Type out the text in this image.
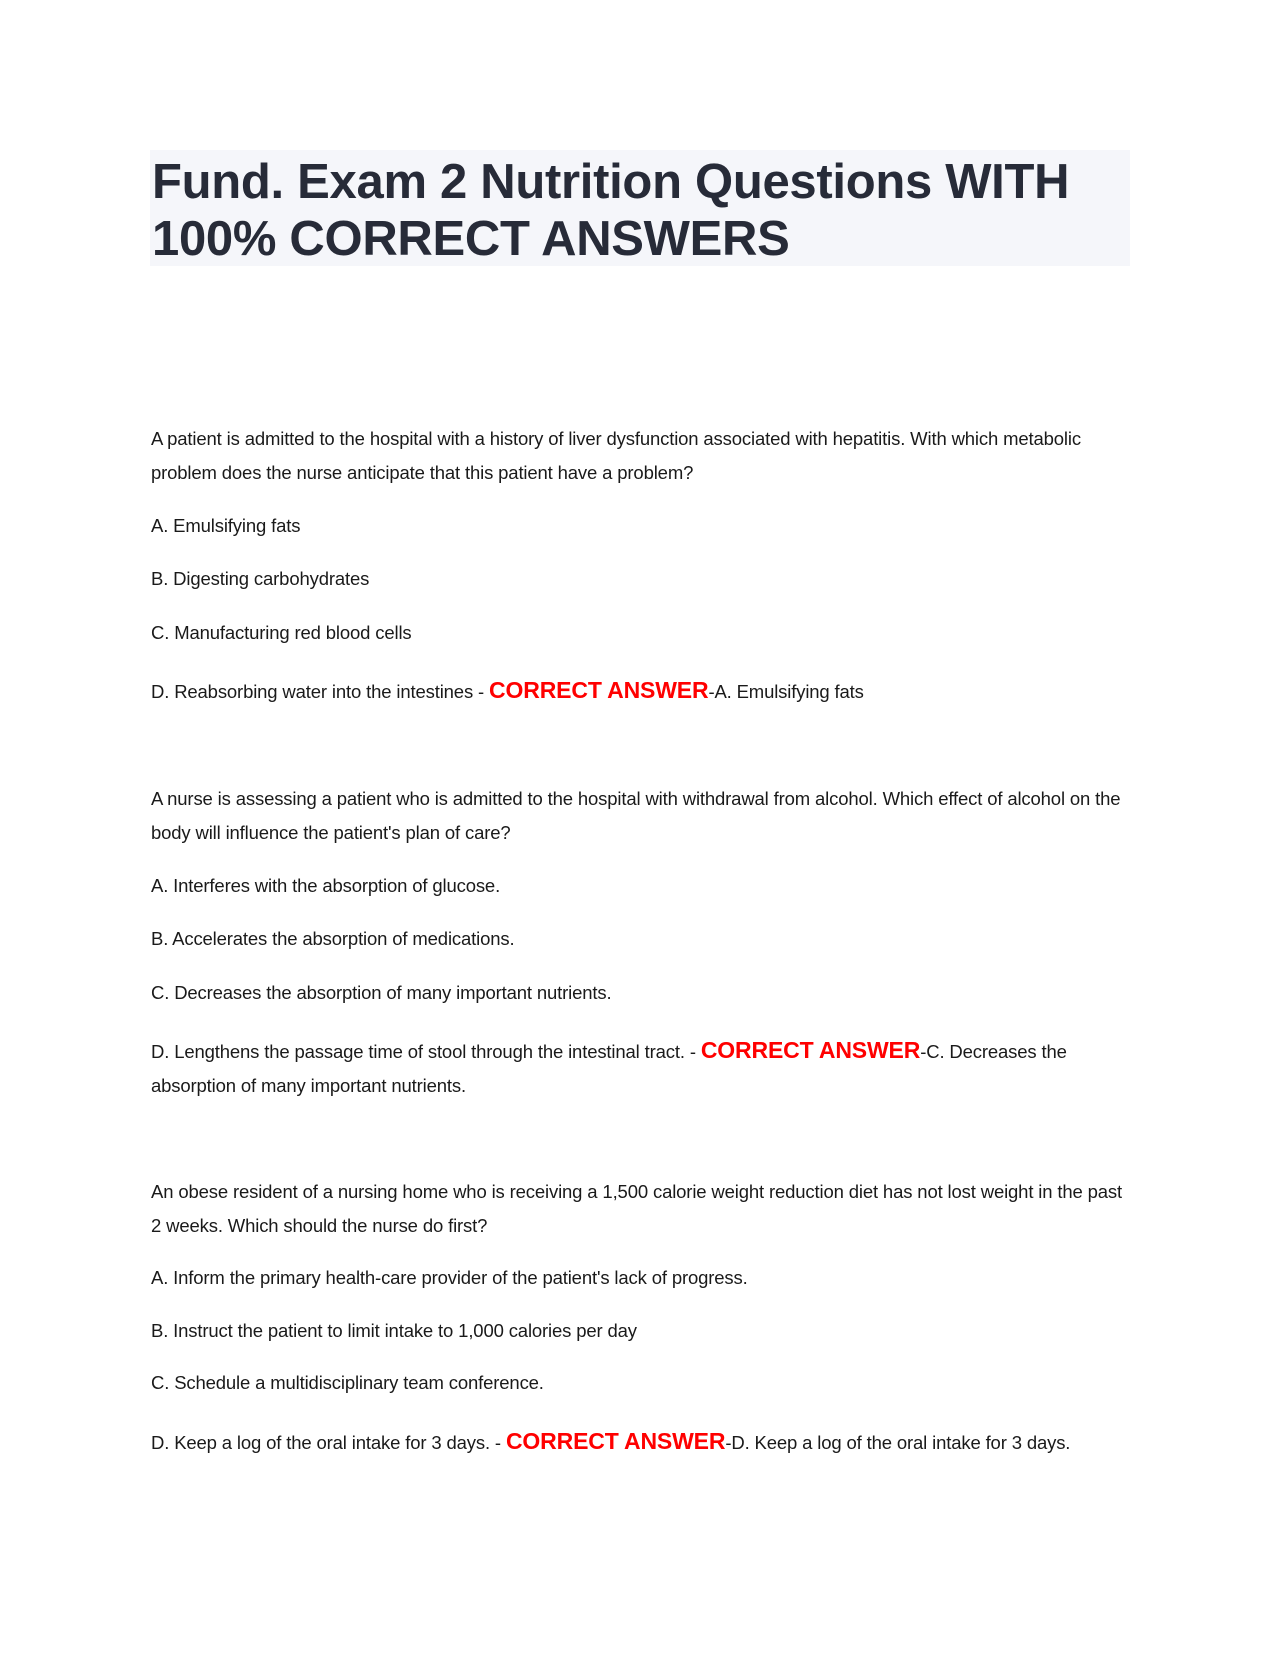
Fund. Exam 2 Nutrition Questions WITH 100% CORRECT ANSWERS

A patient is admitted to the hospital with a history of liver dysfunction associated with hepatitis. With which metabolic problem does the nurse anticipate that this patient have a problem?

A. Emulsifying fats

B. Digesting carbohydrates

C. Manufacturing red blood cells

D. Reabsorbing water into the intestines - CORRECT ANSWER-A. Emulsifying fats

A nurse is assessing a patient who is admitted to the hospital with withdrawal from alcohol. Which effect of alcohol on the body will influence the patient's plan of care?

A. Interferes with the absorption of glucose.

B. Accelerates the absorption of medications.

C. Decreases the absorption of many important nutrients.

D. Lengthens the passage time of stool through the intestinal tract. - CORRECT ANSWER-C. Decreases the absorption of many important nutrients.

An obese resident of a nursing home who is receiving a 1,500 calorie weight reduction diet has not lost weight in the past 2 weeks. Which should the nurse do first?

A. Inform the primary health-care provider of the patient's lack of progress.

B. Instruct the patient to limit intake to 1,000 calories per day

C. Schedule a multidisciplinary team conference.

D. Keep a log of the oral intake for 3 days. - CORRECT ANSWER-D. Keep a log of the oral intake for 3 days.
